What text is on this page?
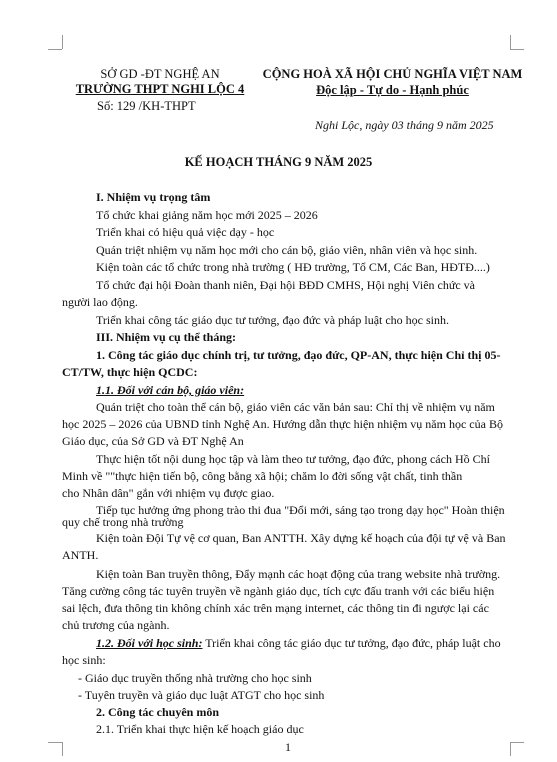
SỞ GD -ĐT NGHỆ AN
TRƯỜNG THPT NGHI LỘC 4
Số: 129 /KH-THPT
CỘNG HOÀ XÃ HỘI CHỦ NGHĨA VIỆT NAM
Độc lập - Tự do - Hạnh phúc
Nghi Lộc, ngày 03 tháng 9 năm 2025
KẾ HOẠCH THÁNG 9 NĂM 2025
I. Nhiệm vụ trọng tâm
Tổ chức khai giảng năm học mới 2025 – 2026
Triển khai có hiệu quả việc dạy - học
Quán triệt nhiệm vụ năm học mới cho cán bộ, giáo viên, nhân viên và học sinh.
Kiện toàn các tổ chức trong nhà trường ( HĐ trường, Tổ CM, Các Ban, HĐTĐ....)
Tổ chức đại hội Đoàn thanh niên, Đại hội BĐD CMHS, Hội nghị Viên chức và
người lao động.
Triển khai công tác giáo dục tư tưởng, đạo đức và pháp luật cho học sinh.
III. Nhiệm vụ cụ thể tháng:
1. Công tác giáo dục chính trị, tư tưởng, đạo đức, QP-AN, thực hiện Chỉ thị 05-
CT/TW, thực hiện QCDC:
1.1. Đối với cán bộ, giáo viên:
Quán triệt cho toàn thể cán bộ, giáo viên các văn bản sau: Chỉ thị về nhiệm vụ năm
học 2025 – 2026 của UBND tỉnh Nghệ An. Hướng dẫn thực hiện nhiệm vụ năm học của Bộ
Giáo dục, của Sở GD và ĐT Nghệ An
Thực hiện tốt nội dung học tập và làm theo tư tưởng, đạo đức, phong cách Hồ Chí
Minh về ""thực hiện tiến bộ, công bằng xã hội; chăm lo đời sống vật chất, tinh thần
cho Nhân dân" gắn với nhiệm vụ được giao.
Tiếp tục hưởng ứng phong trào thi đua "Đổi mới, sáng tạo trong dạy học" Hoàn thiện
quy chế trong nhà trường
Kiện toàn Đội Tự vệ cơ quan, Ban ANTTH. Xây dựng kế hoạch của đội tự vệ và Ban
ANTH.
Kiện toàn Ban truyền thông, Đẩy mạnh các hoạt động của trang website nhà trường.
Tăng cường công tác tuyên truyền về ngành giáo dục, tích cực đấu tranh với các biểu hiện
sai lệch, đưa thông tin không chính xác trên mạng internet, các thông tin đi ngược lại các
chủ trương của ngành.
1.2. Đối với học sinh: Triển khai công tác giáo dục tư tưởng, đạo đức, pháp luật cho
học sinh:
- Giáo dục truyền thống nhà trường cho học sinh
- Tuyên truyền và giáo dục luật ATGT cho học sinh
2. Công tác chuyên môn
2.1. Triển khai thực hiện kế hoạch giáo dục
1
